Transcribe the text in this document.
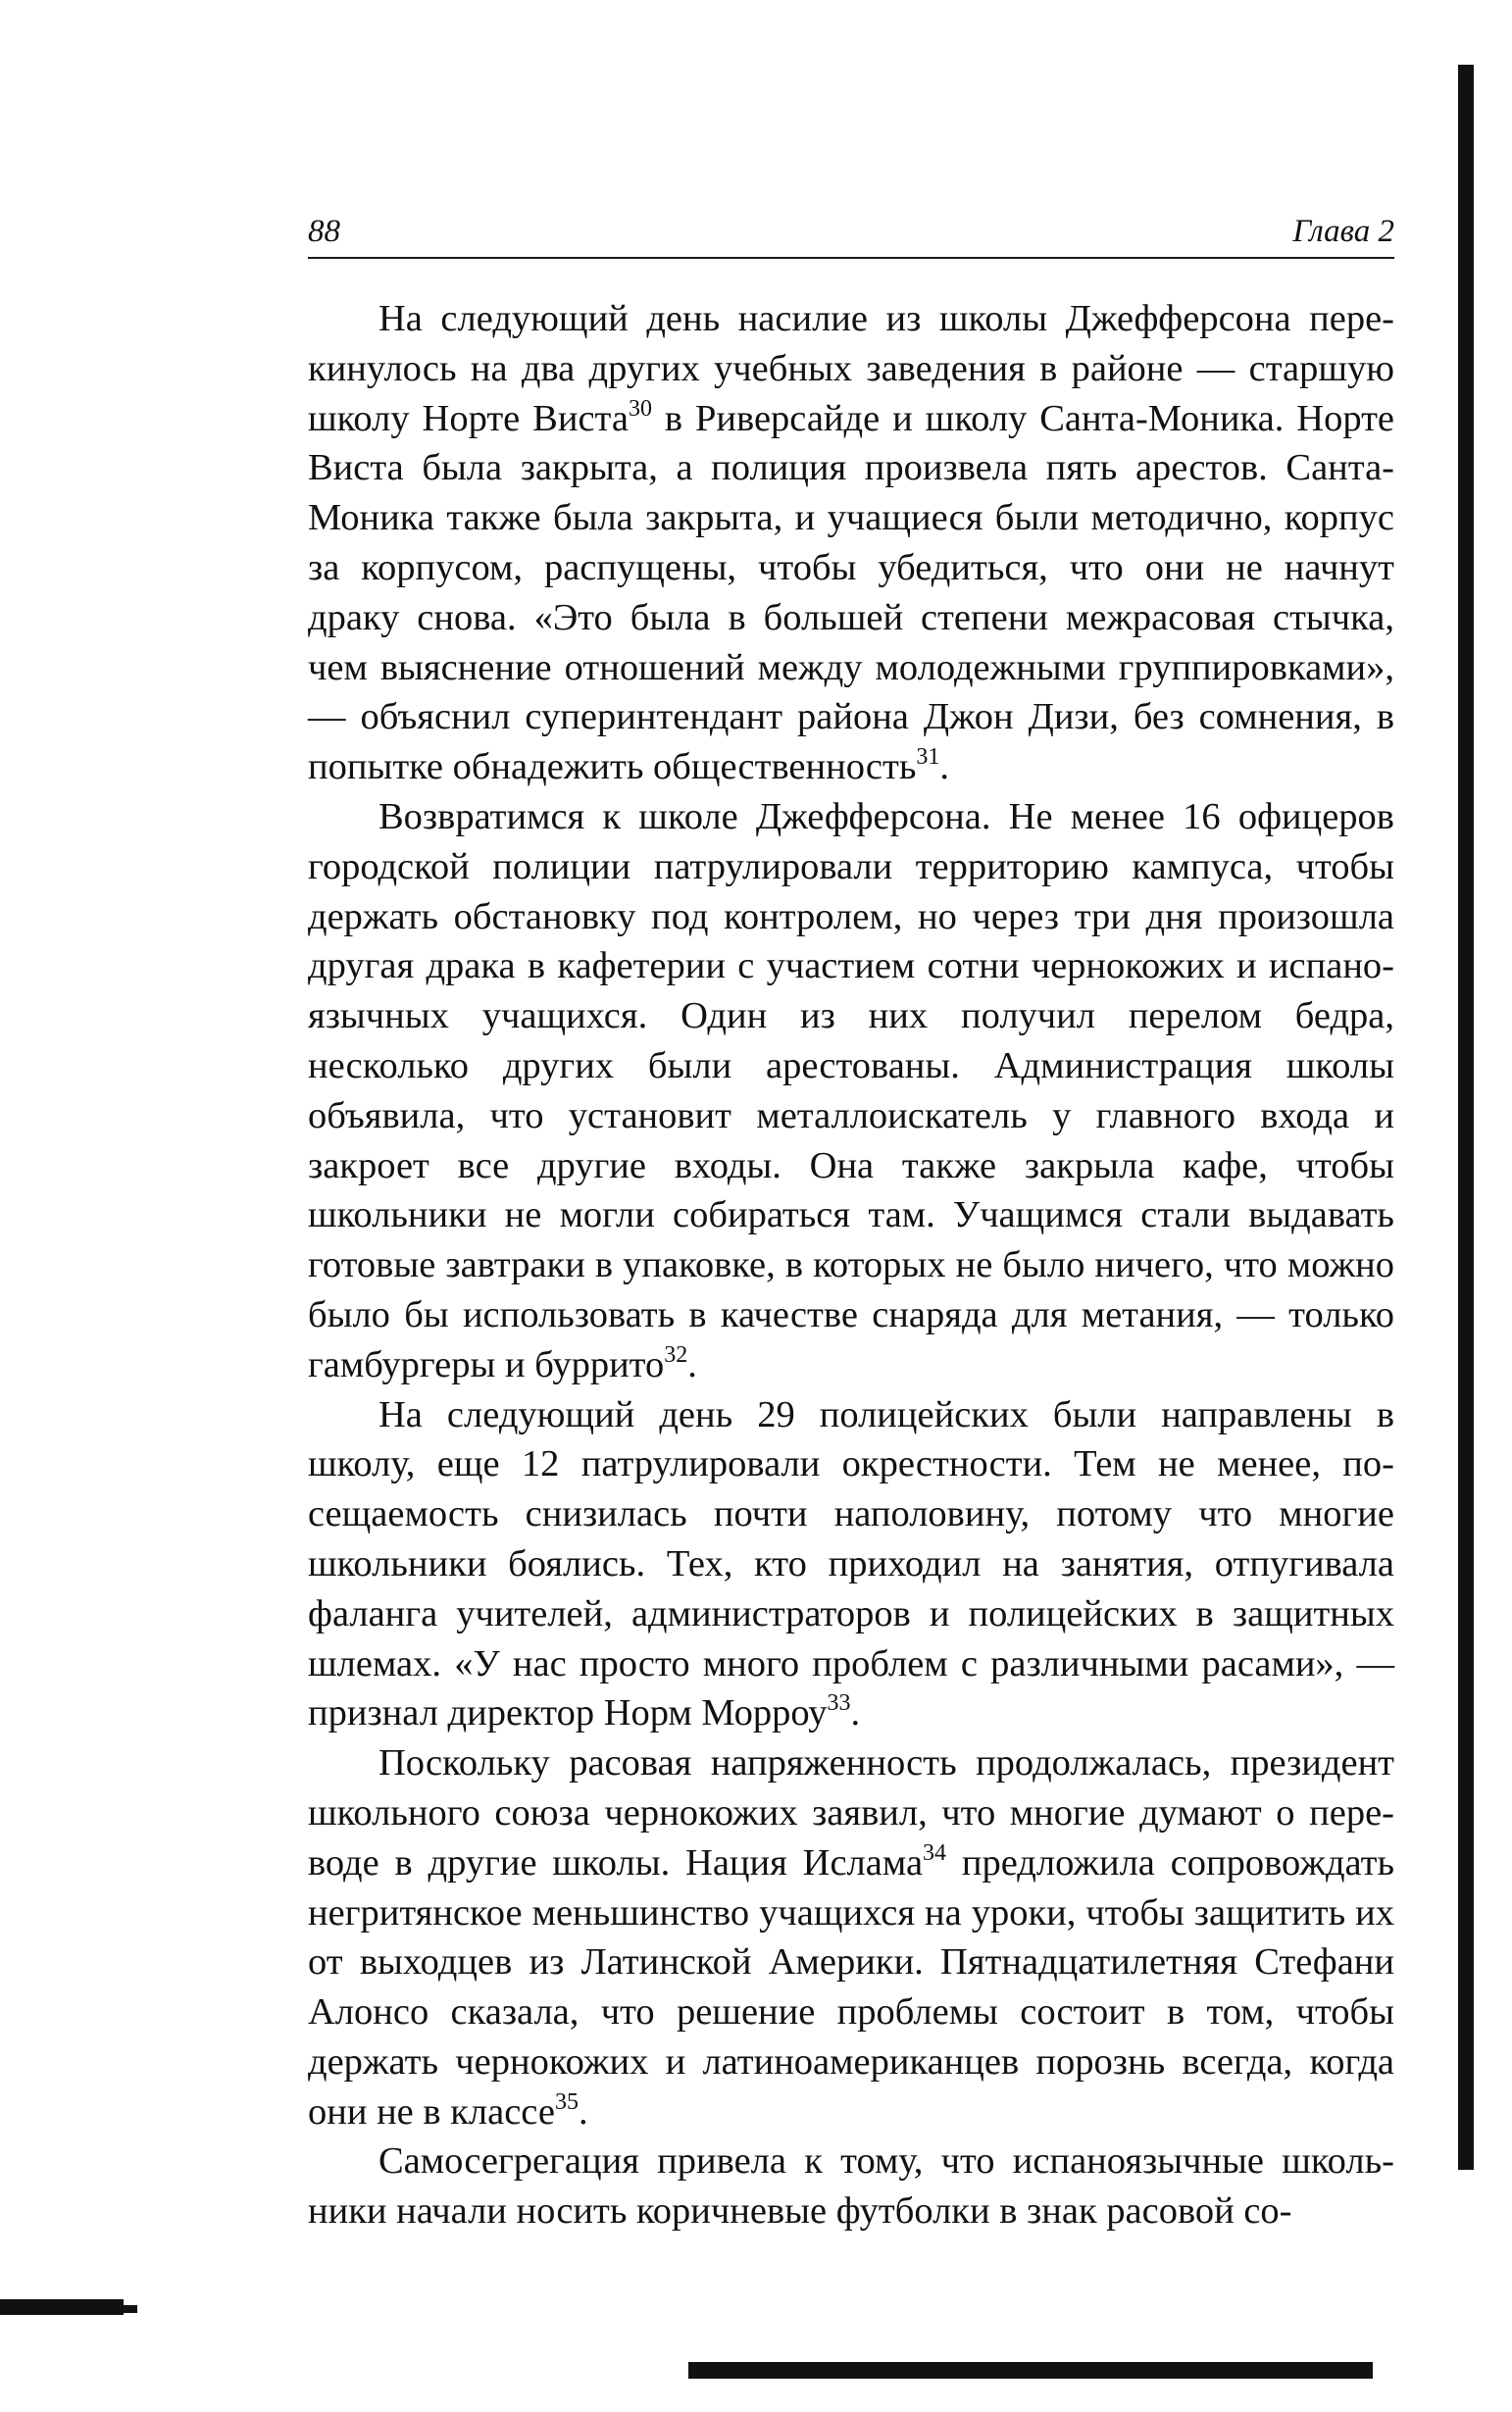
88	Глава 2

На следующий день насилие из школы Джефферсона перекинулось на два других учебных заведения в районе — старшую школу Норте Виста$^{30}$ в Риверсайде и школу Санта-Моника. Норте Виста была закрыта, а полиция произвела пять арестов. Санта-Моника также была закрыта, и учащиеся были методично, корпус за корпусом, распущены, чтобы убедиться, что они не начнут драку снова. «Это была в большей степени межрасовая стычка, чем выяснение отношений между молодежными группировками», — объяснил суперинтендант района Джон Дизи, без сомнения, в попытке обнадежить общественность$^{31}$.

Возвратимся к школе Джефферсона. Не менее 16 офицеров городской полиции патрулировали территорию кампуса, чтобы держать обстановку под контролем, но через три дня произошла другая драка в кафетерии с участием сотни чернокожих и испаноязычных учащихся. Один из них получил перелом бедра, несколько других были арестованы. Администрация школы объявила, что установит металлоискатель у главного входа и закроет все другие входы. Она также закрыла кафе, чтобы школьники не могли собираться там. Учащимся стали выдавать готовые завтраки в упаковке, в которых не было ничего, что можно было бы использовать в качестве снаряда для метания, — только гамбургеры и буррито$^{32}$.

На следующий день 29 полицейских были направлены в школу, еще 12 патрулировали окрестности. Тем не менее, посещаемость снизилась почти наполовину, потому что многие школьники боялись. Тех, кто приходил на занятия, отпугивала фаланга учителей, администраторов и полицейских в защитных шлемах. «У нас просто много проблем с различными расами», — признал директор Норм Морроу$^{33}$.

Поскольку расовая напряженность продолжалась, президент школьного союза чернокожих заявил, что многие думают о переводе в другие школы. Нация Ислама$^{34}$ предложила сопровождать негритянское меньшинство учащихся на уроки, чтобы защитить их от выходцев из Латинской Америки. Пятнадцатилетняя Стефани Алонсо сказала, что решение проблемы состоит в том, чтобы держать чернокожих и латиноамериканцев порознь всегда, когда они не в классе$^{35}$.

Самосегрегация привела к тому, что испаноязычные школьники начали носить коричневые футболки в знак расовой со-
